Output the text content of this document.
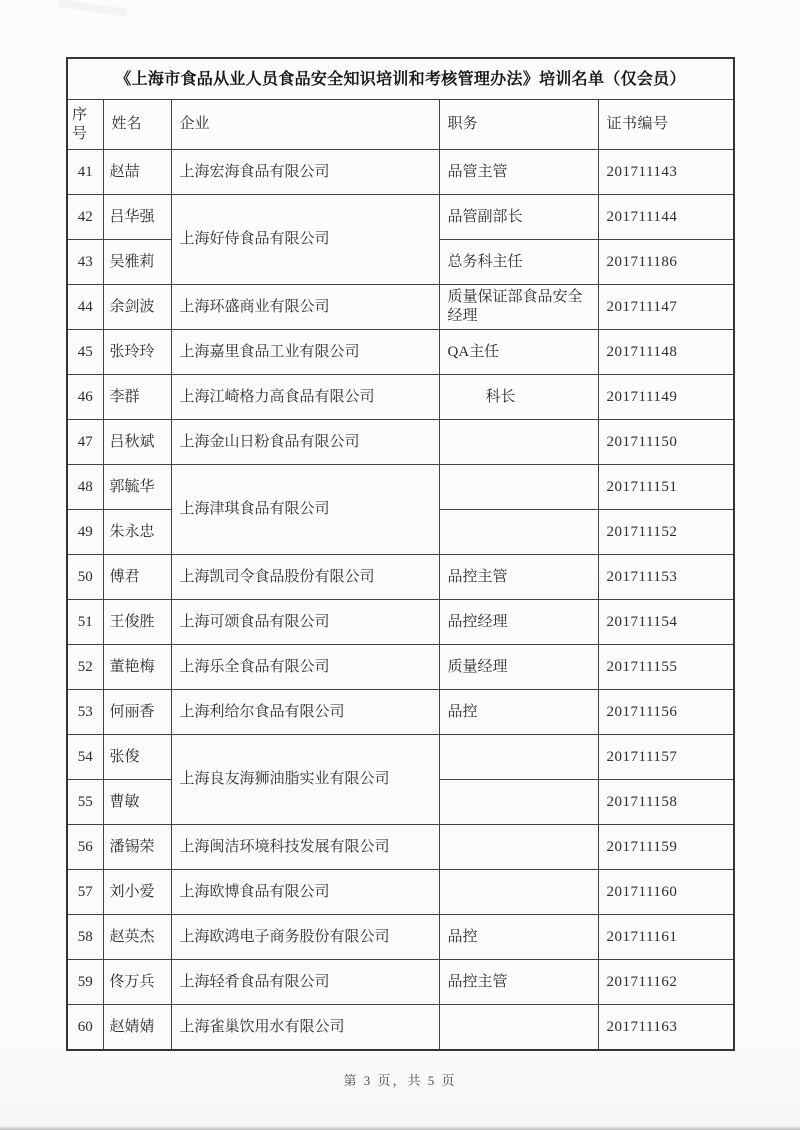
《上海市食品从业人员食品安全知识培训和考核管理办法》培训名单（仅会员）				
序号	姓名	企业	职务	证书编号
41	赵喆	上海宏海食品有限公司	品管主管	201711143
42	吕华强	上海好侍食品有限公司	品管副部长	201711144
43	吴雅莉		总务科主任	201711186
44	余剑波	上海环盛商业有限公司	质量保证部食品安全经理	201711147
45	张玲玲	上海嘉里食品工业有限公司	QA主任	201711148
46	李群	上海江崎格力高食品有限公司	科长	201711149
47	吕秋斌	上海金山日粉食品有限公司		201711150
48	郭毓华	上海津琪食品有限公司		201711151
49	朱永忠			201711152
50	傅君	上海凯司令食品股份有限公司	品控主管	201711153
51	王俊胜	上海可颂食品有限公司	品控经理	201711154
52	董艳梅	上海乐全食品有限公司	质量经理	201711155
53	何丽香	上海利给尔食品有限公司	品控	201711156
54	张俊	上海良友海狮油脂实业有限公司		201711157
55	曹敏			201711158
56	潘锡荣	上海闽洁环境科技发展有限公司		201711159
57	刘小爱	上海欧博食品有限公司		201711160
58	赵英杰	上海欧鸿电子商务股份有限公司	品控	201711161
59	佟万兵	上海轻肴食品有限公司	品控主管	201711162
60	赵婧婧	上海雀巢饮用水有限公司		201711163
第 3 页，共 5 页
